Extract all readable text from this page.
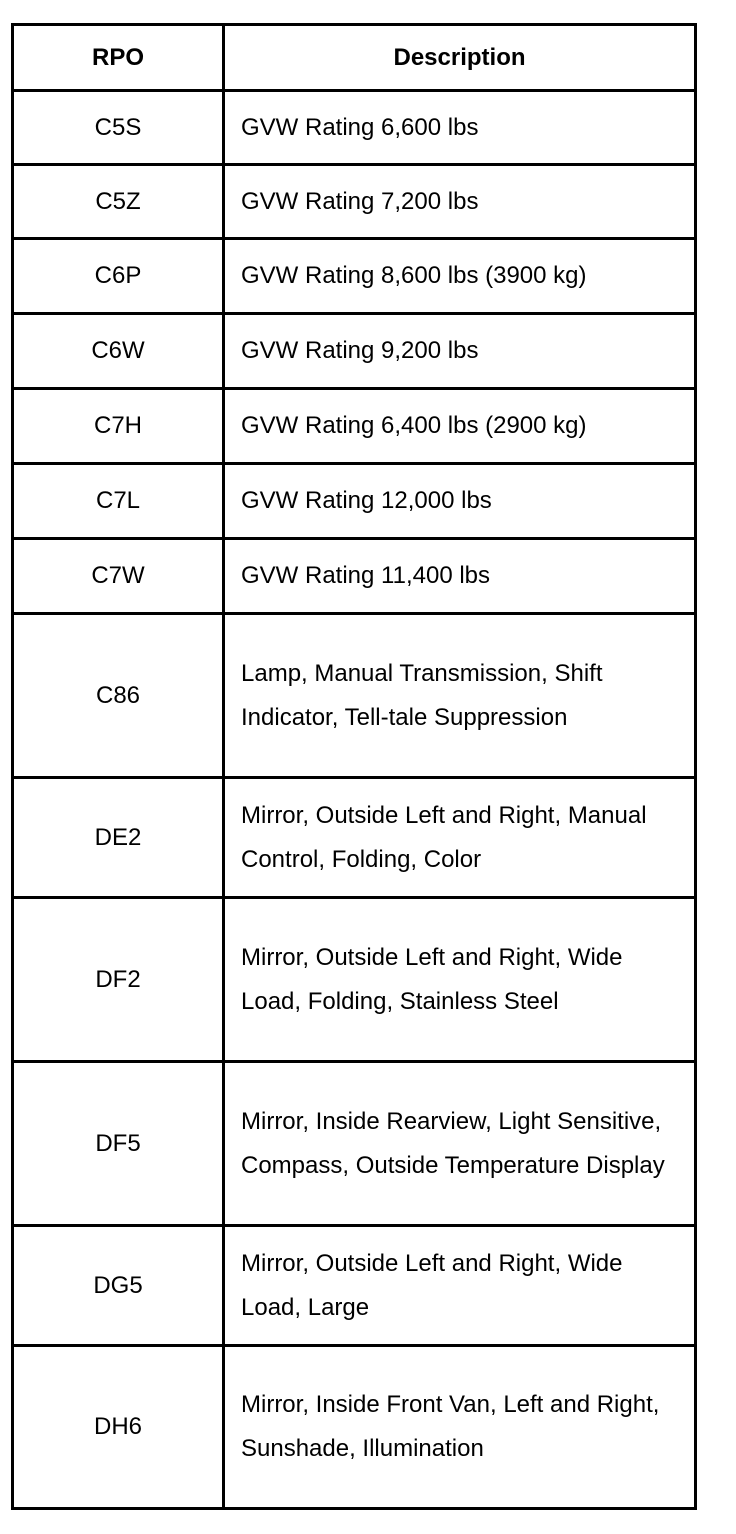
RPO	Description
C5S	GVW Rating 6,600 lbs
C5Z	GVW Rating 7,200 lbs
C6P	GVW Rating 8,600 lbs (3900 kg)
C6W	GVW Rating 9,200 lbs
C7H	GVW Rating 6,400 lbs (2900 kg)
C7L	GVW Rating 12,000 lbs
C7W	GVW Rating 11,400 lbs
C86	Lamp, Manual Transmission, Shift Indicator, Tell-tale Suppression
DE2	Mirror, Outside Left and Right, Manual Control, Folding, Color
DF2	Mirror, Outside Left and Right, Wide Load, Folding, Stainless Steel
DF5	Mirror, Inside Rearview, Light Sensitive, Compass, Outside Temperature Display
DG5	Mirror, Outside Left and Right, Wide Load, Large
DH6	Mirror, Inside Front Van, Left and Right, Sunshade, Illumination
